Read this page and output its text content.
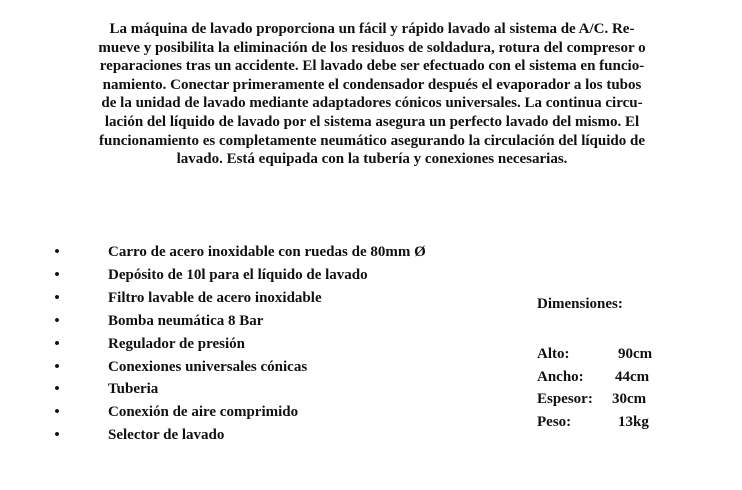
La máquina de lavado proporciona un fácil y rápido lavado al sistema de A/C. Re-
mueve y posibilita la eliminación de los residuos de soldadura, rotura del compresor o
reparaciones tras un accidente. El lavado debe ser efectuado con el sistema en funcio-
namiento. Conectar primeramente el condensador después el evaporador a los tubos
de la unidad de lavado mediante adaptadores cónicos universales. La continua circu-
lación del líquido de lavado por el sistema asegura un perfecto lavado del mismo. El
funcionamiento es completamente neumático asegurando la circulación del líquido de
lavado. Está equipada con la tubería y conexiones necesarias.

•	Carro de acero inoxidable con ruedas de 80mm Ø
•	Depósito de 10l para el líquido de lavado
•	Filtro lavable de acero inoxidable
•	Bomba neumática 8 Bar
•	Regulador de presión
•	Conexiones universales cónicas
•	Tuberia
•	Conexión de aire comprimido
•	Selector de lavado

Dimensiones:

Alto:	90cm
Ancho: 44cm
Espesor: 30cm
Peso:	13kg
